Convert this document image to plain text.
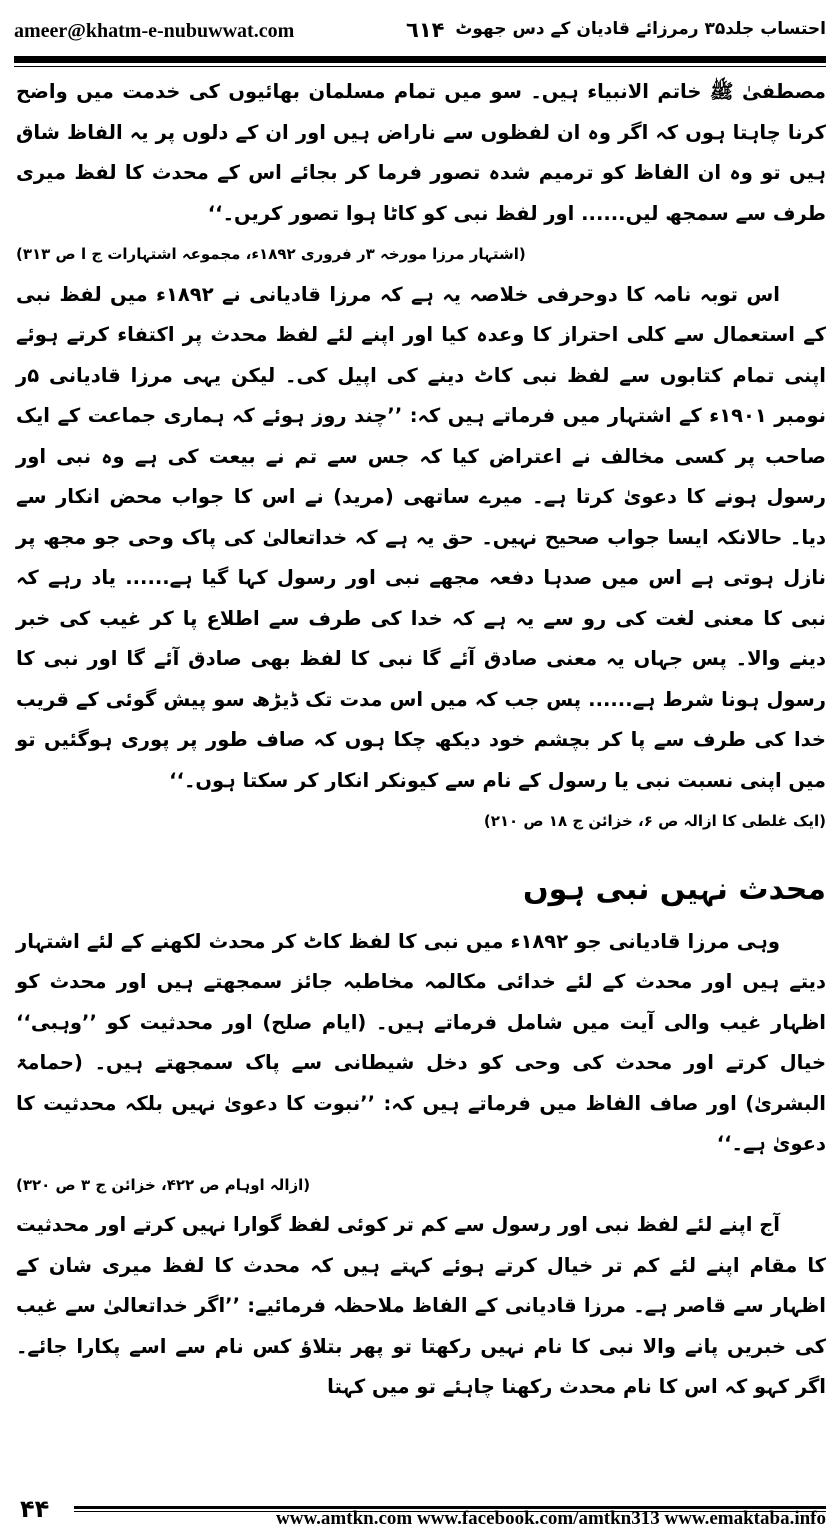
ameer@khatm-e-nubuwwat.com	٦١۴ احتساب جلد۳۵ رمرزائے قادیان کے دس جھوٹ

مصطفیٰ ﷺ خاتم الانبیاء ہیں۔ سو میں تمام مسلمان بھائیوں کی خدمت میں واضح کرنا چاہتا ہوں کہ اگر وہ ان لفظوں سے ناراض ہیں اور ان کے دلوں پر یہ الفاظ شاق ہیں تو وہ ان الفاظ کو ترمیم شدہ تصور فرما کر بجائے اس کے محدث کا لفظ میری طرف سے سمجھ لیں...... اور لفظ نبی کو کاٹا ہوا تصور کریں۔‘‘

(اشتہار مرزا مورخہ ۳ر فروری ۱۸۹۲ء، مجموعہ اشتہارات ج ا ص ۳۱۳)

اس توبہ نامہ کا دوحرفی خلاصہ یہ ہے کہ مرزا قادیانی نے ۱۸۹۲ء میں لفظ نبی کے استعمال سے کلی احتراز کا وعدہ کیا اور اپنے لئے لفظ محدث پر اکتفاء کرتے ہوئے اپنی تمام کتابوں سے لفظ نبی کاٹ دینے کی اپیل کی۔ لیکن یہی مرزا قادیانی ۵ر نومبر ۱۹۰۱ء کے اشتہار میں فرماتے ہیں کہ: ’’چند روز ہوئے کہ ہماری جماعت کے ایک صاحب پر کسی مخالف نے اعتراض کیا کہ جس سے تم نے بیعت کی ہے وہ نبی اور رسول ہونے کا دعویٰ کرتا ہے۔ میرے ساتھی (مرید) نے اس کا جواب محض انکار سے دیا۔ حالانکہ ایسا جواب صحیح نہیں۔ حق یہ ہے کہ خداتعالیٰ کی پاک وحی جو مجھ پر نازل ہوتی ہے اس میں صدہا دفعہ مجھے نبی اور رسول کہا گیا ہے...... یاد رہے کہ نبی کا معنی لغت کی رو سے یہ ہے کہ خدا کی طرف سے اطلاع پا کر غیب کی خبر دینے والا۔ پس جہاں یہ معنی صادق آئے گا نبی کا لفظ بھی صادق آئے گا اور نبی کا رسول ہونا شرط ہے...... پس جب کہ میں اس مدت تک ڈیڑھ سو پیش گوئی کے قریب خدا کی طرف سے پا کر بچشم خود دیکھ چکا ہوں کہ صاف طور پر پوری ہوگئیں تو میں اپنی نسبت نبی یا رسول کے نام سے کیونکر انکار کر سکتا ہوں۔‘‘

(ایک غلطی کا ازالہ ص ۶، خزائن ج ۱۸ ص ۲۱۰)
محدث نہیں نبی ہوں

وہی مرزا قادیانی جو ۱۸۹۲ء میں نبی کا لفظ کاٹ کر محدث لکھنے کے لئے اشتہار دیتے ہیں اور محدث کے لئے خدائی مکالمہ مخاطبہ جائز سمجھتے ہیں اور محدث کو اظہار غیب والی آیت میں شامل فرماتے ہیں۔ (ایام صلح) اور محدثیت کو ’’وہبی‘‘ خیال کرتے اور محدث کی وحی کو دخل شیطانی سے پاک سمجھتے ہیں۔ (حمامۃ البشریٰ) اور صاف الفاظ میں فرماتے ہیں کہ: ’’نبوت کا دعویٰ نہیں بلکہ محدثیت کا دعویٰ ہے۔‘‘

(ازالہ اوہام ص ۴۲۲، خزائن ج ۳ ص ۳۲۰)

آج اپنے لئے لفظ نبی اور رسول سے کم تر کوئی لفظ گوارا نہیں کرتے اور محدثیت کا مقام اپنے لئے کم تر خیال کرتے ہوئے کہتے ہیں کہ محدث کا لفظ میری شان کے اظہار سے قاصر ہے۔ مرزا قادیانی کے الفاظ ملاحظہ فرمائیے: ’’اگر خداتعالیٰ سے غیب کی خبریں پانے والا نبی کا نام نہیں رکھتا تو پھر بتلاؤ کس نام سے اسے پکارا جائے۔ اگر کہو کہ اس کا نام محدث رکھنا چاہئے تو میں کہتا

۴۴	www.amtkn.com www.facebook.com/amtkn313 www.emaktaba.info
